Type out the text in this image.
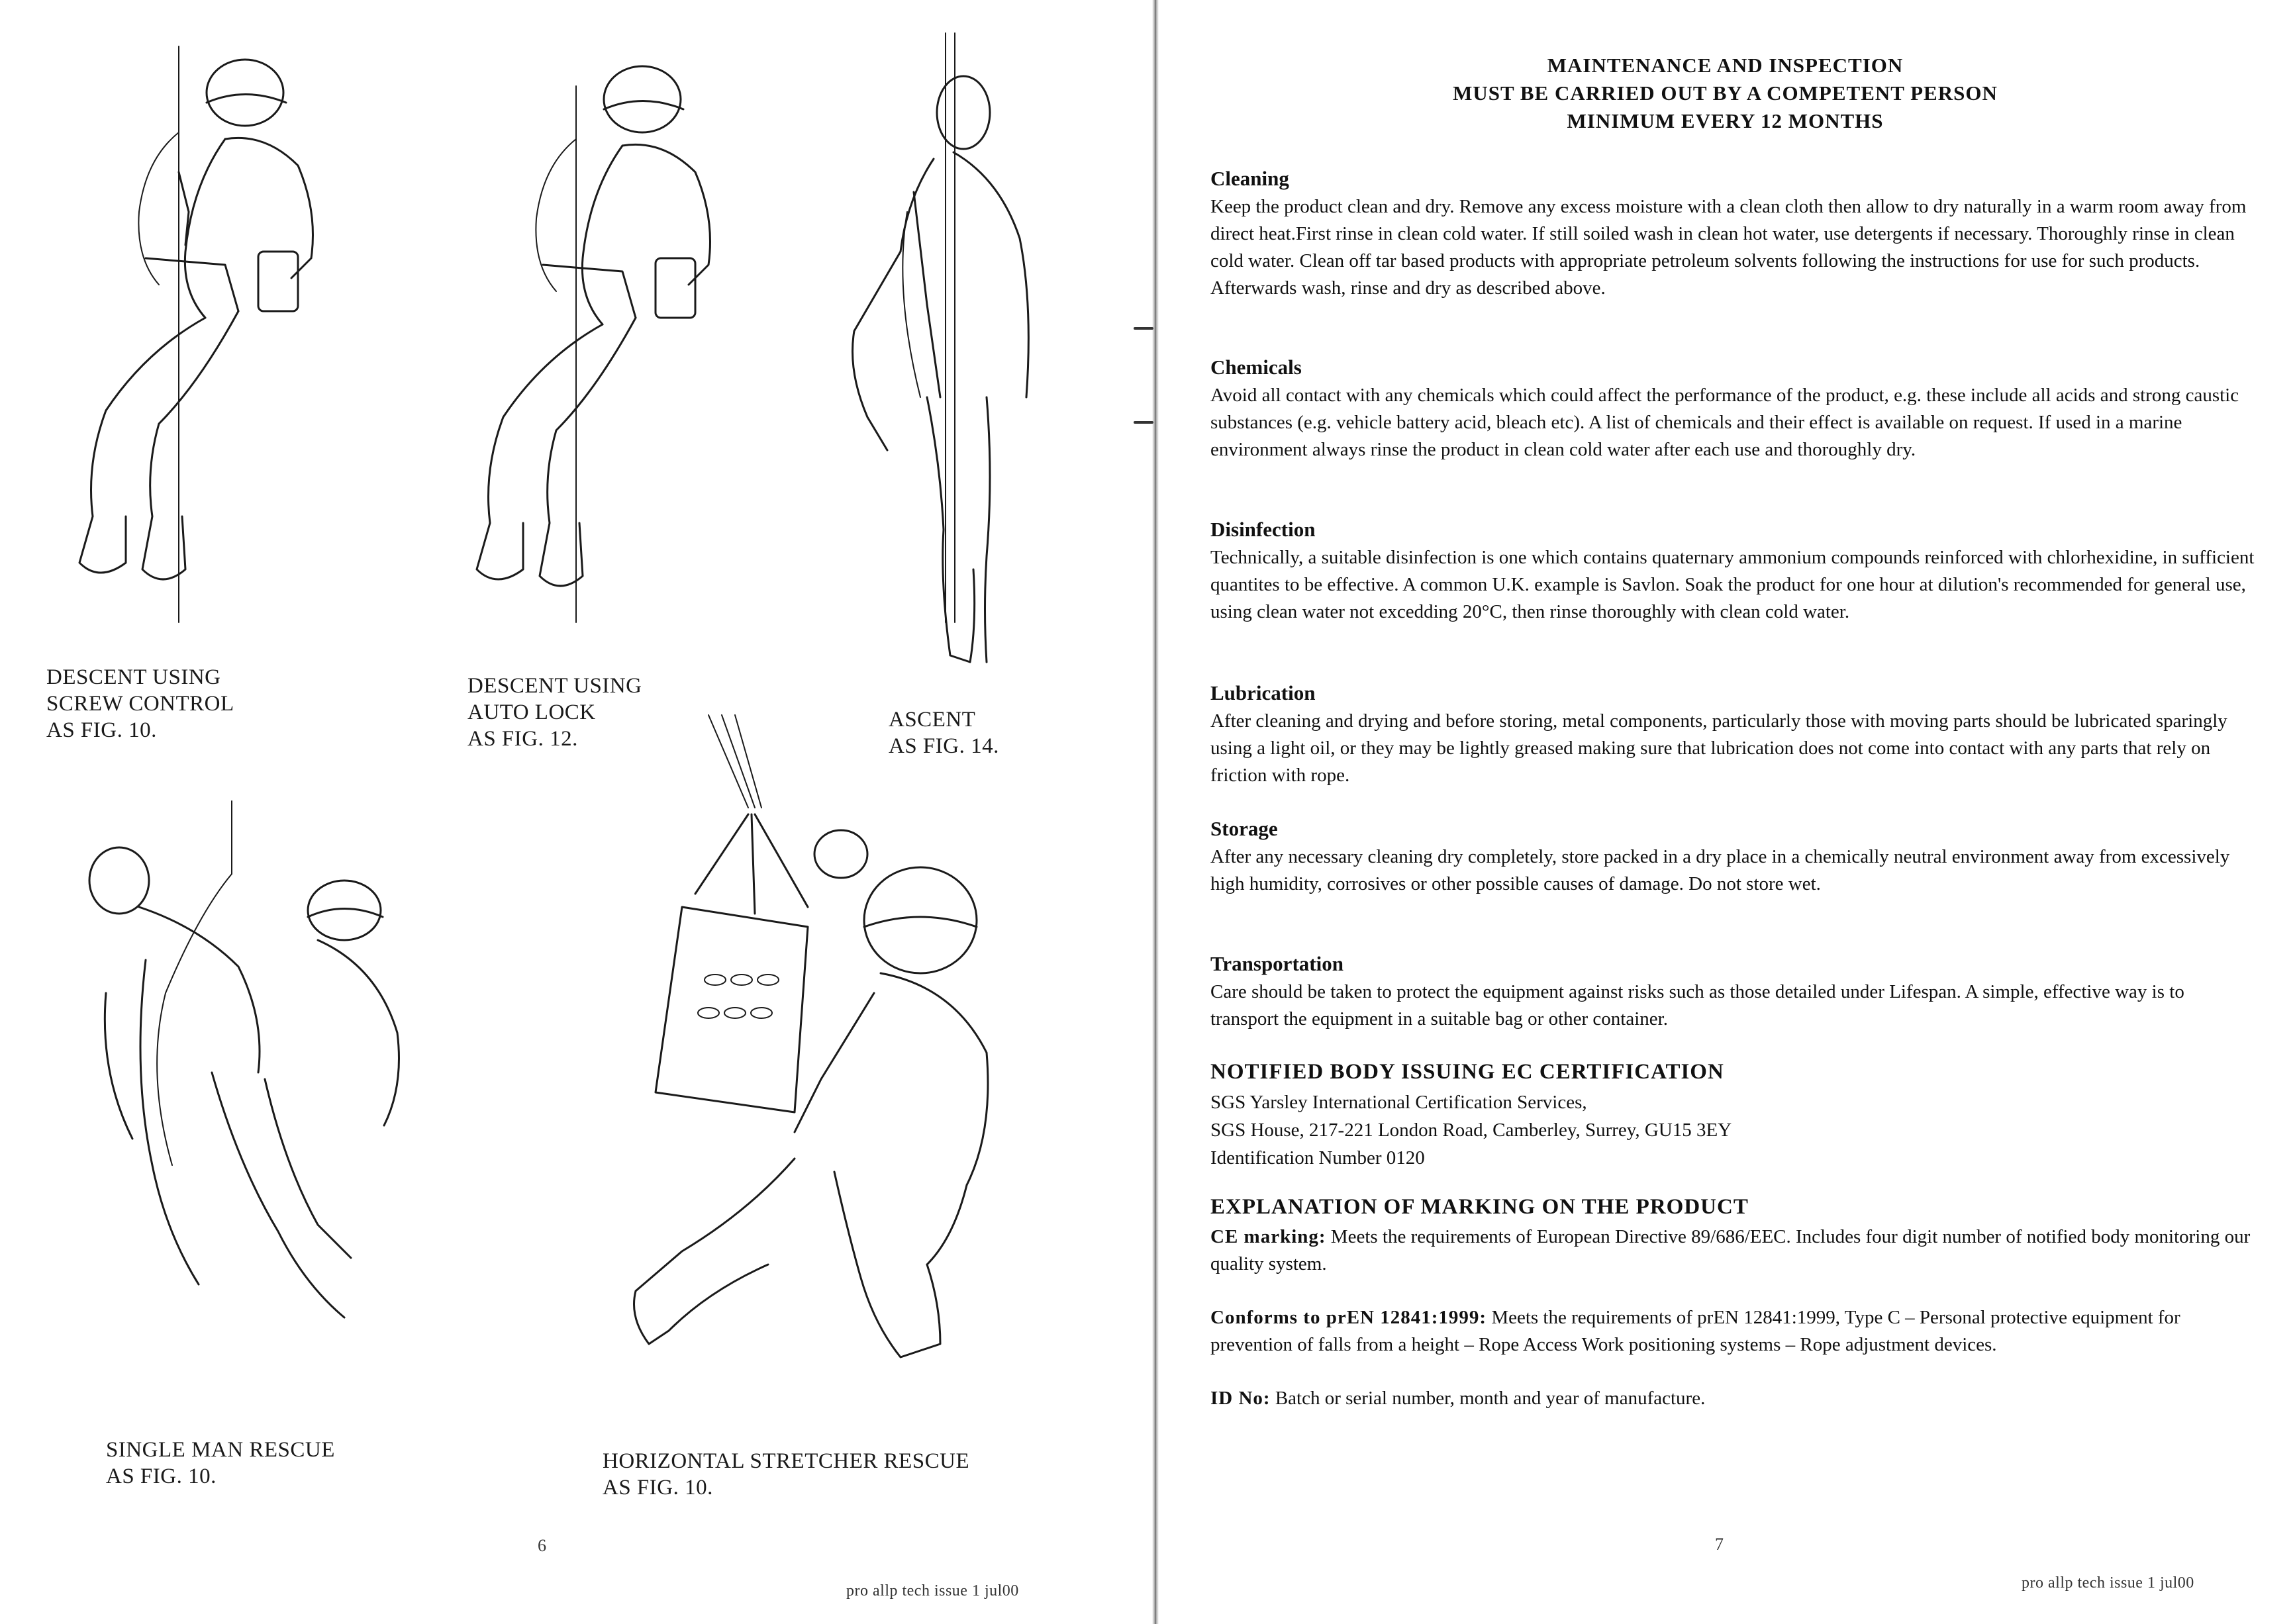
DESCENT USING
SCREW CONTROL
AS FIG. 10.
DESCENT USING
AUTO LOCK
AS FIG. 12.
ASCENT
AS FIG. 14.
SINGLE MAN RESCUE
AS FIG. 10.
HORIZONTAL STRETCHER RESCUE
AS FIG. 10.
6
pro allp tech issue 1 jul00
MAINTENANCE AND INSPECTION
MUST BE CARRIED OUT BY A COMPETENT PERSON
MINIMUM EVERY 12 MONTHS
Cleaning

Keep the product clean and dry. Remove any excess moisture with a clean cloth then allow to dry naturally in a warm room away from direct heat.First rinse in clean cold water. If still soiled wash in clean hot water, use detergents if necessary. Thoroughly rinse in clean cold water. Clean off tar based products with appropriate petroleum solvents following the instructions for use for such products. Afterwards wash, rinse and dry as described above.

Chemicals

Avoid all contact with any chemicals which could affect the performance of the product, e.g. these include all acids and strong caustic substances (e.g. vehicle battery acid, bleach etc). A list of chemicals and their effect is available on request. If used in a marine environment always rinse the product in clean cold water after each use and thoroughly dry.

Disinfection

Technically, a suitable disinfection is one which contains quaternary ammonium compounds reinforced with chlorhexidine, in sufficient quantites to be effective. A common U.K. example is Savlon. Soak the product for one hour at dilution's recommended for general use, using clean water not excedding 20°C, then rinse thoroughly with clean cold water.

Lubrication

After cleaning and drying and before storing, metal components, particularly those with moving parts should be lubricated sparingly using a light oil, or they may be lightly greased making sure that lubrication does not come into contact with any parts that rely on friction with rope.

Storage

After any necessary cleaning dry completely, store packed in a dry place in a chemically neutral environment away from excessively high humidity, corrosives or other possible causes of damage. Do not store wet.

Transportation

Care should be taken to protect the equipment against risks such as those detailed under Lifespan. A simple, effective way is to transport the equipment in a suitable bag or other container.

NOTIFIED BODY ISSUING EC CERTIFICATION
SGS Yarsley International Certification Services,
SGS House, 217-221 London Road, Camberley, Surrey, GU15 3EY
Identification Number 0120
EXPLANATION OF MARKING ON THE PRODUCT

CE marking: Meets the requirements of European Directive 89/686/EEC. Includes four digit number of notified body monitoring our quality system.

Conforms to prEN 12841:1999: Meets the requirements of prEN 12841:1999, Type C – Personal protective equipment for prevention of falls from a height – Rope Access Work positioning systems – Rope adjustment devices.

ID No: Batch or serial number, month and year of manufacture.

7
pro allp tech issue 1 jul00
